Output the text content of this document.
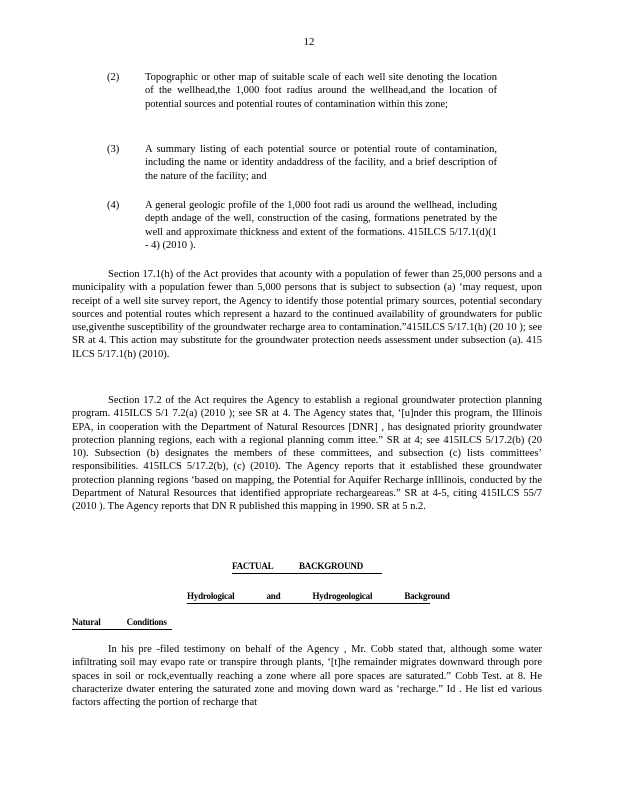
12
(2)	Topographic or other map of suitable scale of each well site denoting the location of the wellhead,the 1,000 foot radius around the wellhead,and the location of potential sources and potential routes of contamination within this zone;
(3)	A summary listing of each potential source or potential route of contamination, including the name or identity andaddress of the facility, and a brief description of the nature of the facility; and
(4)	A general geologic profile of the 1,000 foot radi us around the wellhead, including depth andage of the well, construction of the casing, formations penetrated by the well and approximate thickness and extent of the formations. 415ILCS 5/17.1(d)(1 - 4) (2010 ).
Section 17.1(h) of the Act provides that acounty with a population of fewer than 25,000 persons and a municipality with a population fewer than 5,000 persons that is subject to subsection (a) ‘may request, upon receipt of a well site survey report, the Agency to identify those potential primary sources, potential secondary sources and potential routes which represent a hazard to the continued availability of groundwaters for public use,giventhe susceptibility of the groundwater recharge area to contamination.”415ILCS 5/17.1(h) (20 10 ); see SR at 4. This action may substitute for the groundwater protection needs assessment under subsection (a). 415 ILCS 5/17.1(h) (2010).
Section 17.2 of the Act requires the Agency to establish a regional groundwater protection planning program. 415ILCS 5/1 7.2(a) (2010 ); see SR at 4. The Agency states that, ‘[u]nder this program, the Illinois EPA, in cooperation with the Department of Natural Resources [DNR] , has designated priority groundwater protection planning regions, each with a regional planning comm ittee.” SR at 4; see 415ILCS 5/17.2(b) (20 10). Subsection (b) designates the members of these committees, and subsection (c) lists committees’ responsibilities. 415ILCS 5/17.2(b), (c) (2010). The Agency reports that it established these groundwater protection planning regions ‘based on mapping, the Potential for Aquifer Recharge inIllinois, conducted by the Department of Natural Resources that identified appropriate rechargeareas.” SR at 4-5, citing 415ILCS 55/7 (2010 ). The Agency reports that DN R published this mapping in 1990. SR at 5 n.2.
FACTUAL BACKGROUND
Hydrological and Hydrogeological Background
Natural Conditions
In his pre -filed testimony on behalf of the Agency , Mr. Cobb stated that, although some water infiltrating soil may evapo rate or transpire through plants, ‘[t]he remainder migrates downward through pore spaces in soil or rock,eventually reaching a zone where all pore spaces are saturated.” Cobb Test. at 8. He characterize dwater entering the saturated zone and moving down ward as ‘recharge.” Id . He list ed various factors affecting the portion of recharge that
